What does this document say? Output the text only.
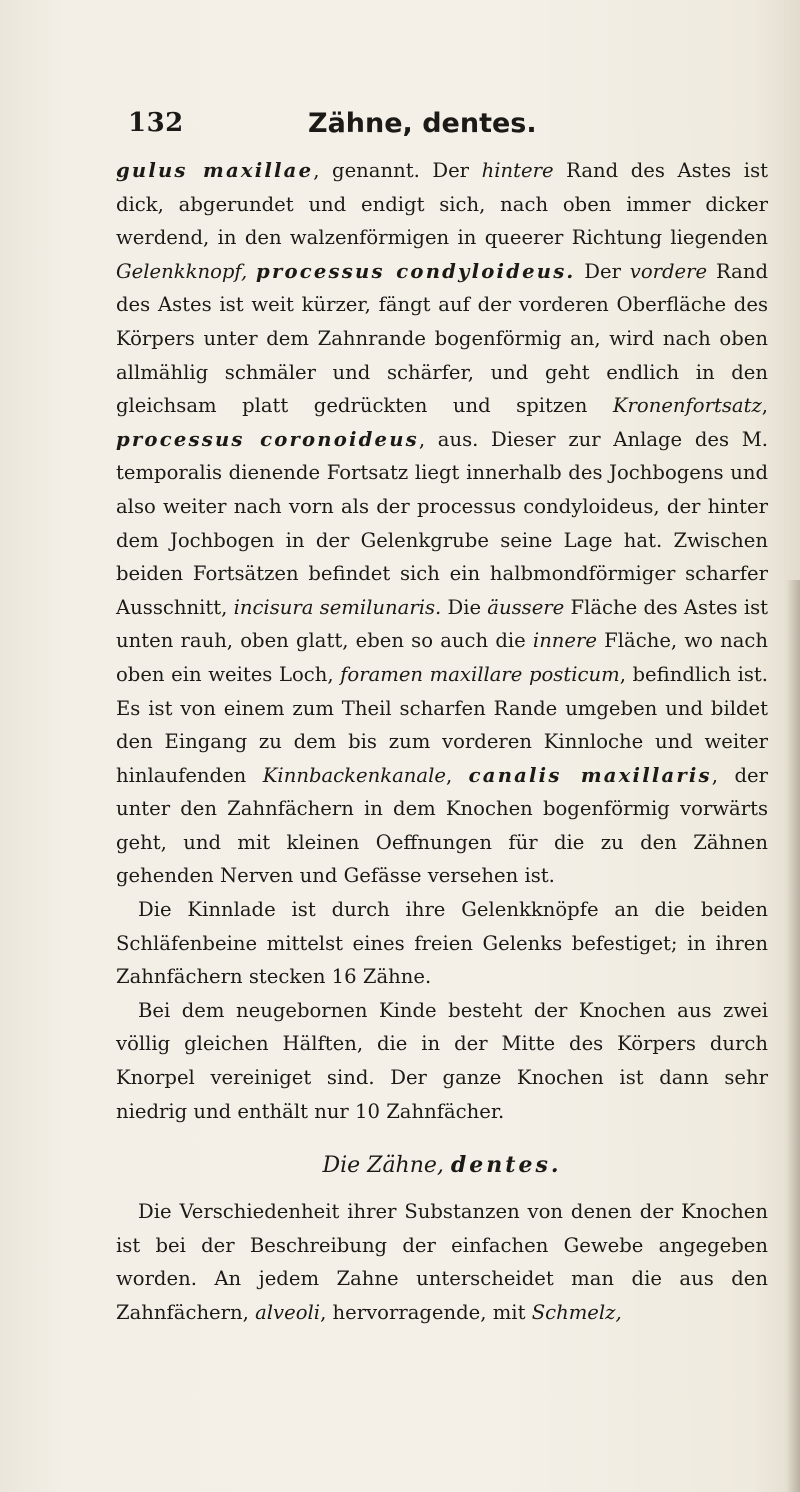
132	Zähne, dentes.

gulus maxillae, genannt. Der hintere Rand des Astes ist dick, abgerundet und endigt sich, nach oben immer dicker werdend, in den walzenförmigen in queerer Richtung liegenden Gelenkknopf, processus condyloideus. Der vordere Rand des Astes ist weit kürzer, fängt auf der vorderen Oberfläche des Körpers unter dem Zahnrande bogenförmig an, wird nach oben allmählig schmäler und schärfer, und geht endlich in den gleichsam platt gedrückten und spitzen Kronenfortsatz, processus coronoideus, aus. Dieser zur Anlage des M. temporalis dienende Fortsatz liegt innerhalb des Jochbogens und also weiter nach vorn als der processus condyloideus, der hinter dem Jochbogen in der Gelenkgrube seine Lage hat. Zwischen beiden Fortsätzen befindet sich ein halbmondförmiger scharfer Ausschnitt, incisura semilunaris. Die äussere Fläche des Astes ist unten rauh, oben glatt, eben so auch die innere Fläche, wo nach oben ein weites Loch, foramen maxillare posticum, befindlich ist. Es ist von einem zum Theil scharfen Rande umgeben und bildet den Eingang zu dem bis zum vorderen Kinnloche und weiter hinlaufenden Kinnbackenkanale, canalis maxillaris, der unter den Zahnfächern in dem Knochen bogenförmig vorwärts geht, und mit kleinen Oeffnungen für die zu den Zähnen gehenden Nerven und Gefässe versehen ist.

Die Kinnlade ist durch ihre Gelenkknöpfe an die beiden Schläfenbeine mittelst eines freien Gelenks befestiget; in ihren Zahnfächern stecken 16 Zähne.

Bei dem neugebornen Kinde besteht der Knochen aus zwei völlig gleichen Hälften, die in der Mitte des Körpers durch Knorpel vereiniget sind. Der ganze Knochen ist dann sehr niedrig und enthält nur 10 Zahnfächer.

Die Zähne, dentes.

Die Verschiedenheit ihrer Substanzen von denen der Knochen ist bei der Beschreibung der einfachen Gewebe angegeben worden. An jedem Zahne unterscheidet man die aus den Zahnfächern, alveoli, hervorragende, mit Schmelz,
